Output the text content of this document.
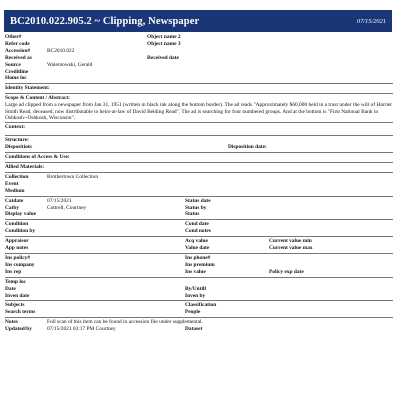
BC2010.022.905.2 ~ Clipping, Newspaper	07/15/2021
Other#	Object name 2
Refer code	Object name 3
Accession#	BC2010.022
Received as	Received date
Source	Walentowski, Gerald
Creditline
Home loc
Identity Statement:
Scope & Content / Abstract:
Large ad clipped from a newspaper from Jan 31, 1951 (written in black ink along the bottom border). The ad reads "Approximately $60,000 held in a trust under the will of Harriet Smith Read, deceased, now distributable to heirs-at-law of David Belding Read". The ad is searching for four numbered groups. And at the bottom is "First National Bank in Oshkosh--Oshkosh, Wisconsin".
Context:
Structure:
Disposition:	Disposition date:
Conditions of Access & Use:
Allied Materials:
Collection	Brothertown Collection
Event
Medium
Catdate	07/15/2021	Status date
Catby	Cottrell, Courtney	Status by
Display value	Status
Condition	Cond date
Condition by	Cond notes
Appraisor	Acq value	Current value min
App notes	Value date	Current value max
Ins policy#	Ins phone#
Ins company	Ins premium
Ins rep	Ins value	Policy exp date
Temp loc
Date	By/Untill
Inven date	Inven by
Subjects	Classification
Search terms	People
Notes	Full scan of this item can be found in accession file under supplemental.
Updated/by	07/15/2021 03:17 PM Courtney	Dataset
